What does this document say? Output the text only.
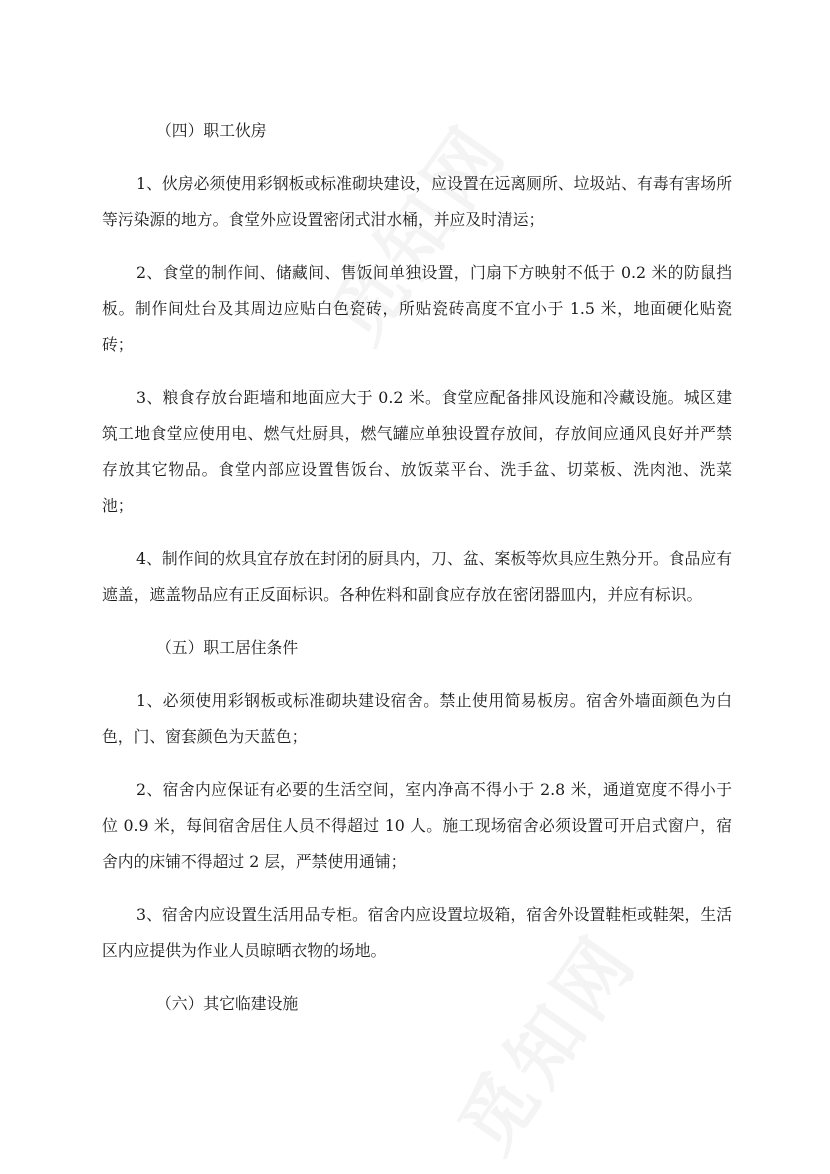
（四）职工伙房

1、伙房必须使用彩钢板或标准砌块建设，应设置在远离厕所、垃圾站、有毒有害场所等污染源的地方。食堂外应设置密闭式泔水桶，并应及时清运；

2、食堂的制作间、储藏间、售饭间单独设置，门扇下方映射不低于 0.2 米的防鼠挡板。制作间灶台及其周边应贴白色瓷砖，所贴瓷砖高度不宜小于 1.5 米，地面硬化贴瓷砖；

3、粮食存放台距墙和地面应大于 0.2 米。食堂应配备排风设施和冷藏设施。城区建筑工地食堂应使用电、燃气灶厨具，燃气罐应单独设置存放间，存放间应通风良好并严禁存放其它物品。食堂内部应设置售饭台、放饭菜平台、洗手盆、切菜板、洗肉池、洗菜池；

4、制作间的炊具宜存放在封闭的厨具内，刀、盆、案板等炊具应生熟分开。食品应有遮盖，遮盖物品应有正反面标识。各种佐料和副食应存放在密闭器皿内，并应有标识。

（五）职工居住条件

1、必须使用彩钢板或标准砌块建设宿舍。禁止使用简易板房。宿舍外墙面颜色为白色，门、窗套颜色为天蓝色；

2、宿舍内应保证有必要的生活空间，室内净高不得小于 2.8 米，通道宽度不得小于位 0.9 米，每间宿舍居住人员不得超过 10 人。施工现场宿舍必须设置可开启式窗户，宿舍内的床铺不得超过 2 层，严禁使用通铺；

3、宿舍内应设置生活用品专柜。宿舍内应设置垃圾箱，宿舍外设置鞋柜或鞋架，生活区内应提供为作业人员晾晒衣物的场地。

（六）其它临建设施
